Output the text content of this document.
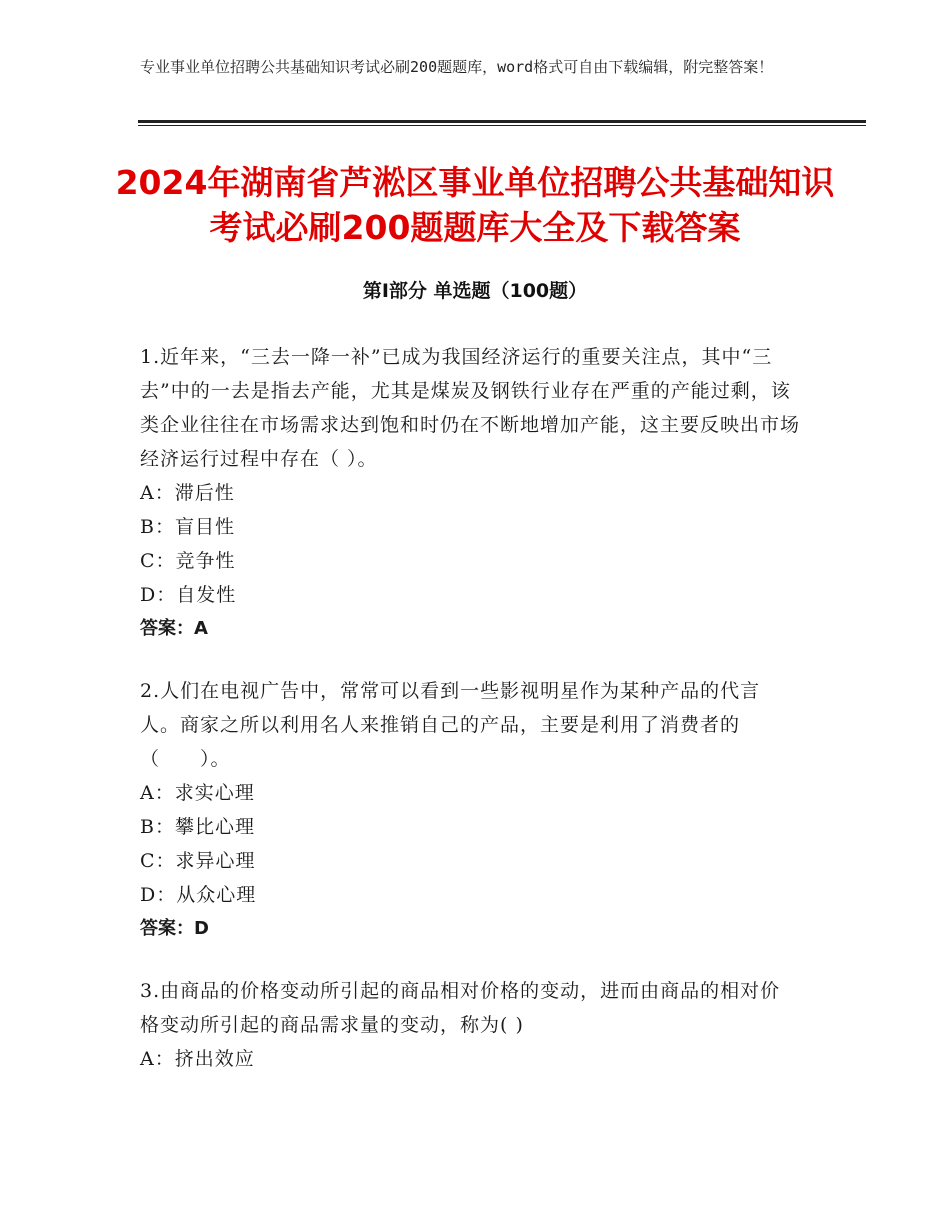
专业事业单位招聘公共基础知识考试必刷200题题库，word格式可自由下载编辑，附完整答案！
2024年湖南省芦淞区事业单位招聘公共基础知识考试必刷200题题库大全及下载答案
第Ⅰ部分 单选题（100题）

1.近年来，“三去一降一补”已成为我国经济运行的重要关注点，其中“三去”中的一去是指去产能，尤其是煤炭及钢铁行业存在严重的产能过剩，该类企业往往在市场需求达到饱和时仍在不断地增加产能，这主要反映出市场经济运行过程中存在（ ）。

A：滞后性

B：盲目性

C：竞争性

D：自发性

答案：A

2.人们在电视广告中，常常可以看到一些影视明星作为某种产品的代言人。商家之所以利用名人来推销自己的产品，主要是利用了消费者的（　　）。

A：求实心理

B：攀比心理

C：求异心理

D：从众心理

答案：D

3.由商品的价格变动所引起的商品相对价格的变动，进而由商品的相对价格变动所引起的商品需求量的变动，称为( )

A：挤出效应
